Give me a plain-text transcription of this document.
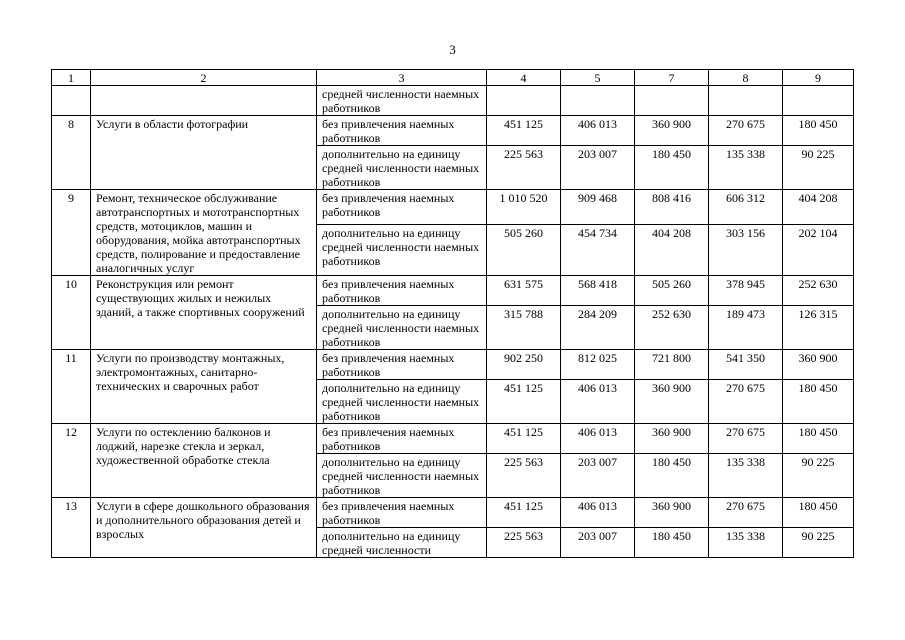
3
1	2	3	4	5	7	8	9
		средней численности наемных работников					
8	Услуги в области фотографии	без привлечения наемных работников	451 125	406 013	360 900	270 675	180 450
		дополнительно на единицу средней численности наемных работников	225 563	203 007	180 450	135 338	90 225
9	Ремонт, техническое обслуживание автотранспортных и мототранспортных средств, мотоциклов, машин и оборудования, мойка автотранспортных средств, полирование и предоставление аналогичных услуг	без привлечения наемных работников	1 010 520	909 468	808 416	606 312	404 208
		дополнительно на единицу средней численности наемных работников	505 260	454 734	404 208	303 156	202 104
10	Реконструкция или ремонт существующих жилых и нежилых зданий, а также спортивных сооружений	без привлечения наемных работников	631 575	568 418	505 260	378 945	252 630
		дополнительно на единицу средней численности наемных работников	315 788	284 209	252 630	189 473	126 315
11	Услуги по производству монтажных, электромонтажных, санитарно-технических и сварочных работ	без привлечения наемных работников	902 250	812 025	721 800	541 350	360 900
		дополнительно на единицу средней численности наемных работников	451 125	406 013	360 900	270 675	180 450
12	Услуги по остеклению балконов и лоджий, нарезке стекла и зеркал, художественной обработке стекла	без привлечения наемных работников	451 125	406 013	360 900	270 675	180 450
		дополнительно на единицу средней численности наемных работников	225 563	203 007	180 450	135 338	90 225
13	Услуги в сфере дошкольного образования и дополнительного образования детей и взрослых	без привлечения наемных работников	451 125	406 013	360 900	270 675	180 450
		дополнительно на единицу средней численности	225 563	203 007	180 450	135 338	90 225
